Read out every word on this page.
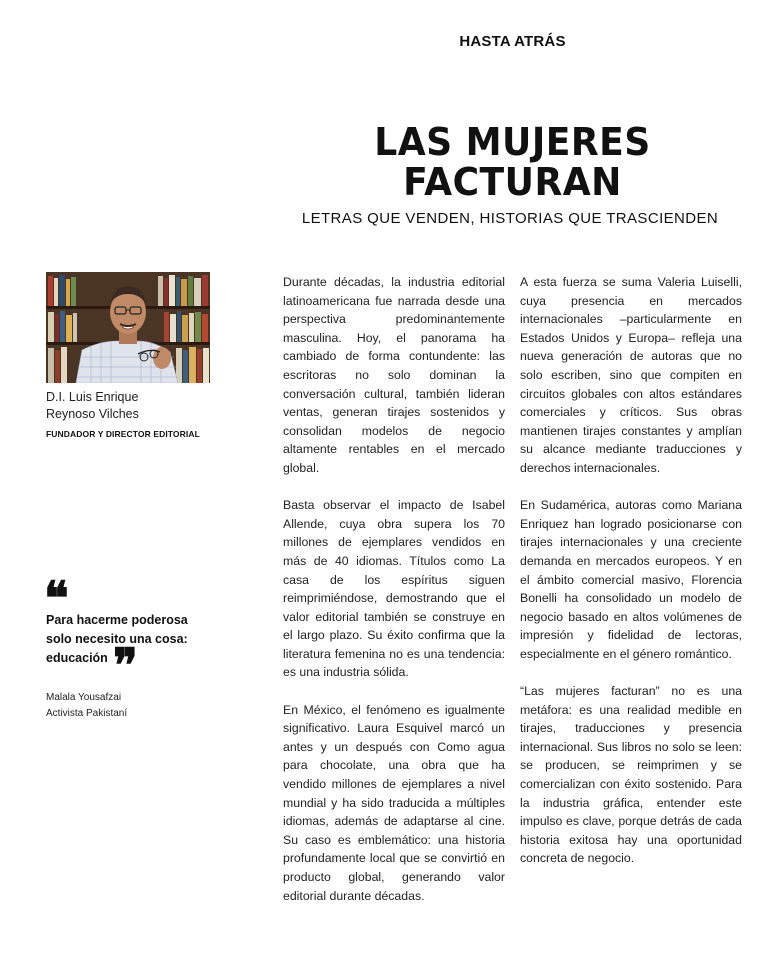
HASTA ATRÁS
LAS MUJERES
FACTURAN
LETRAS QUE VENDEN, HISTORIAS QUE TRASCIENDEN
D.I. Luis Enrique
Reynoso Vilches
FUNDADOR Y DIRECTOR EDITORIAL
❝
Para hacerme poderosa
solo necesito una cosa:
educación ❞
Malala Yousafzai
Activista Pakistaní

Durante décadas, la industria editorial latinoamericana fue narrada desde una perspectiva predominantemente masculina. Hoy, el panorama ha cambiado de forma contundente: las escritoras no solo dominan la conversación cultural, también lideran ventas, generan tirajes sostenidos y consolidan modelos de negocio altamente rentables en el mercado global.

Basta observar el impacto de Isabel Allende, cuya obra supera los 70 millones de ejemplares vendidos en más de 40 idiomas. Títulos como La casa de los espíritus siguen reimprimiéndose, demostrando que el valor editorial también se construye en el largo plazo. Su éxito confirma que la literatura femenina no es una tendencia: es una industria sólida.

En México, el fenómeno es igualmente significativo. Laura Esquivel marcó un antes y un después con Como agua para chocolate, una obra que ha vendido millones de ejemplares a nivel mundial y ha sido traducida a múltiples idiomas, además de adaptarse al cine. Su caso es emblemático: una historia profundamente local que se convirtió en producto global, generando valor editorial durante décadas.

A esta fuerza se suma Valeria Luiselli, cuya presencia en mercados internacionales –particularmente en Estados Unidos y Europa– refleja una nueva generación de autoras que no solo escriben, sino que compiten en circuitos globales con altos estándares comerciales y críticos. Sus obras mantienen tirajes constantes y amplían su alcance mediante traducciones y derechos internacionales.

En Sudamérica, autoras como Mariana Enriquez han logrado posicionarse con tirajes internacionales y una creciente demanda en mercados europeos. Y en el ámbito comercial masivo, Florencia Bonelli ha consolidado un modelo de negocio basado en altos volúmenes de impresión y fidelidad de lectoras, especialmente en el género romántico.

“Las mujeres facturan” no es una metáfora: es una realidad medible en tirajes, traducciones y presencia internacional. Sus libros no solo se leen: se producen, se reimprimen y se comercializan con éxito sostenido. Para la industria gráfica, entender este impulso es clave, porque detrás de cada historia exitosa hay una oportunidad concreta de negocio.
